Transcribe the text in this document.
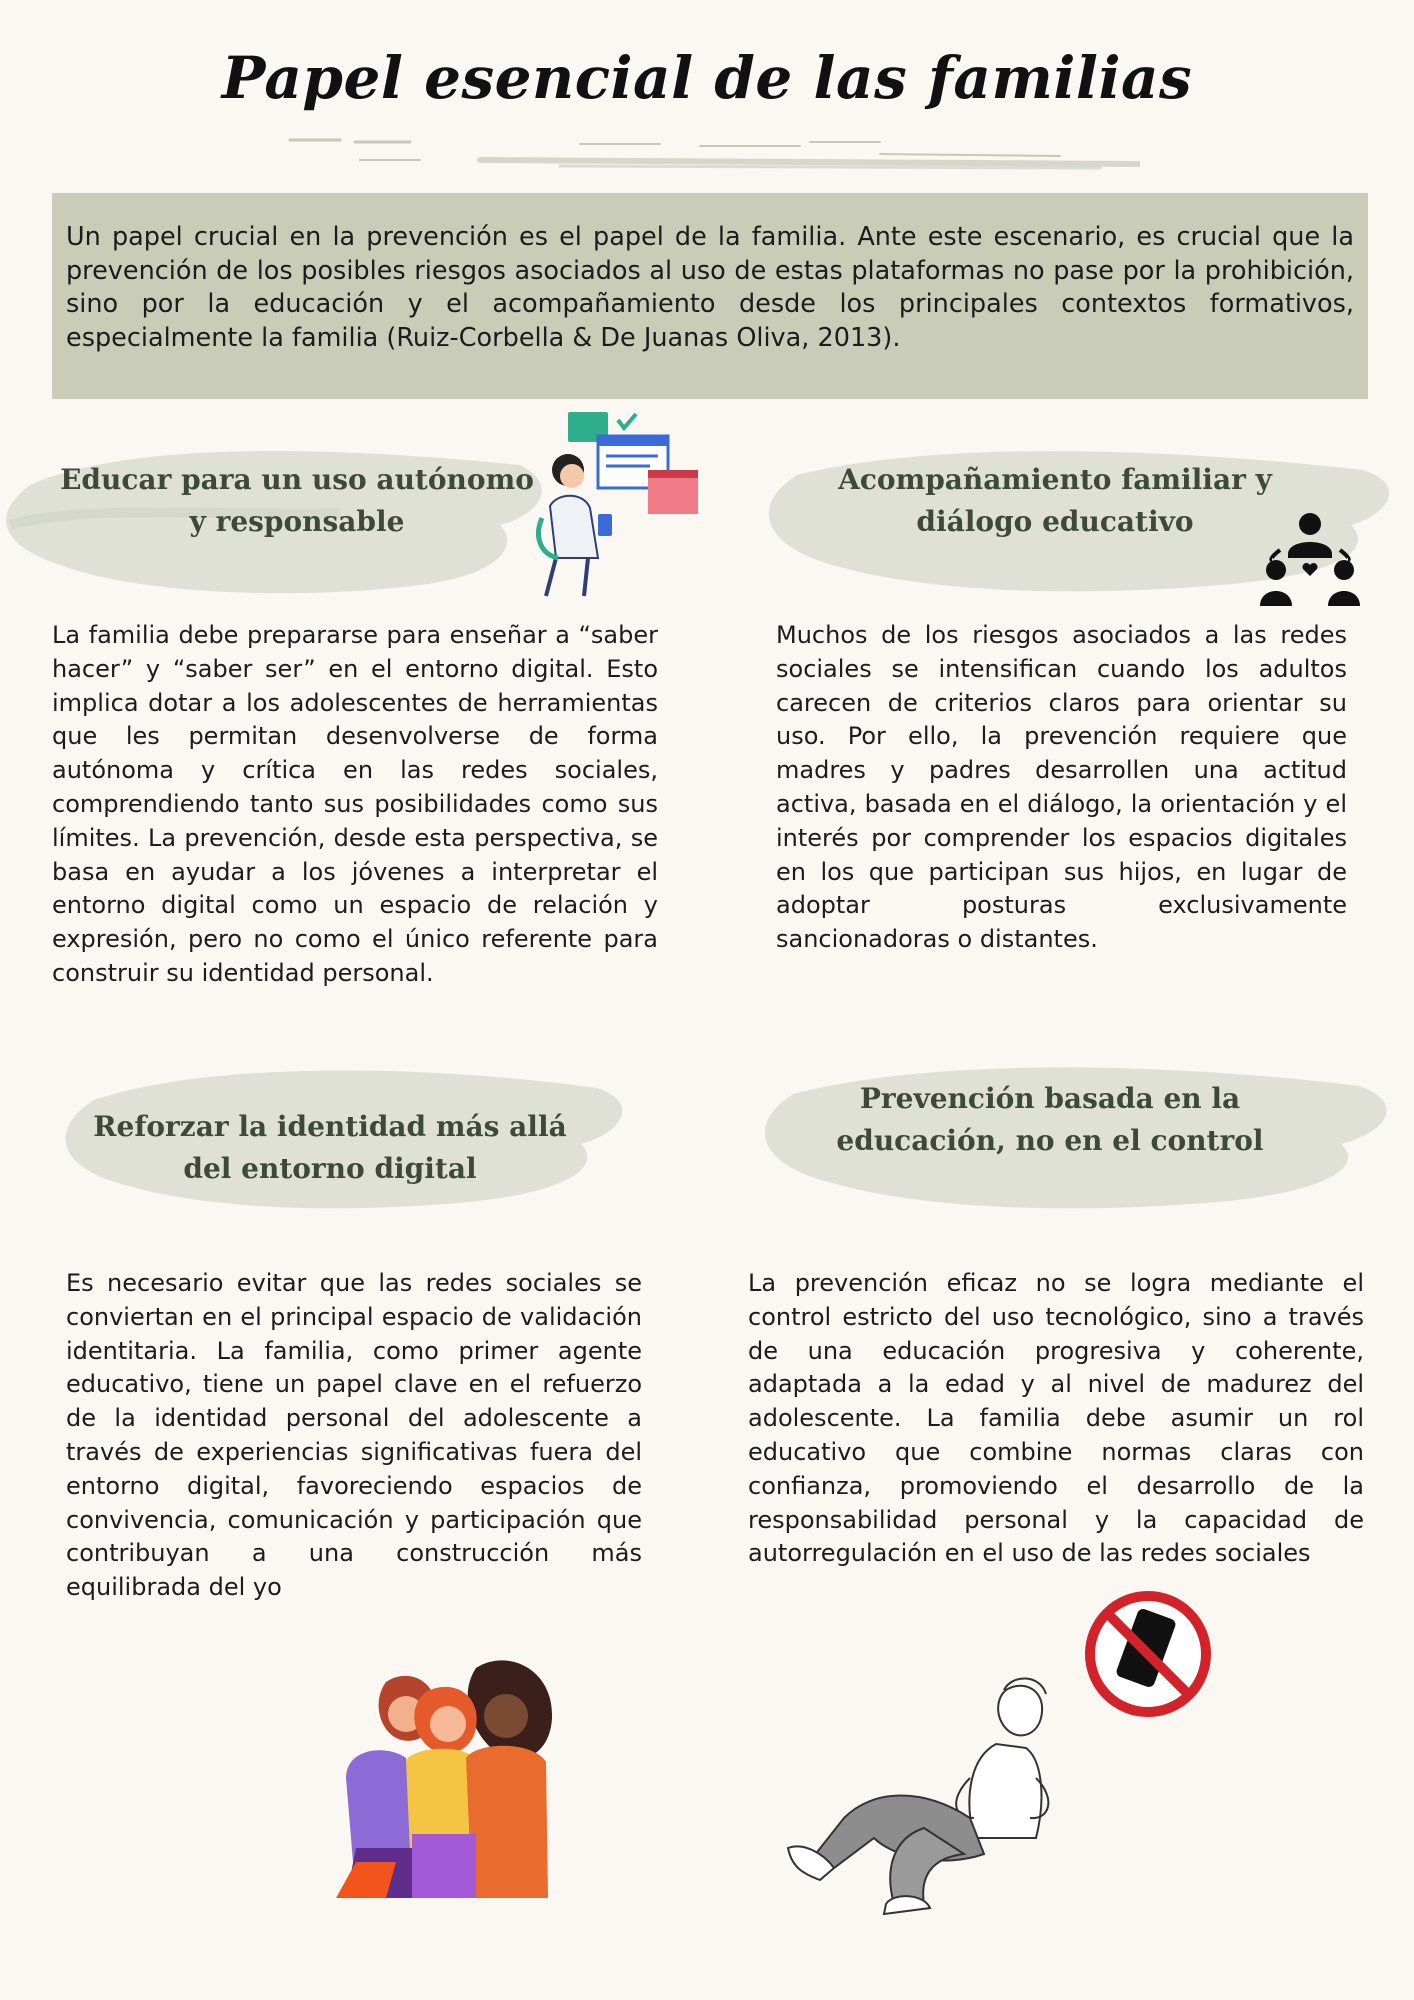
Papel esencial de las familias

Un papel crucial en la prevención es el papel de la familia. Ante este escenario, es crucial que la prevención de los posibles riesgos asociados al uso de estas plataformas no pase por la prohibición, sino por la educación y el acompañamiento desde los principales contextos formativos, especialmente la familia (Ruiz-Corbella & De Juanas Oliva, 2013).

Educar para un uso autónomo y responsable

La familia debe prepararse para enseñar a “saber hacer” y “saber ser” en el entorno digital. Esto implica dotar a los adolescentes de herramientas que les permitan desenvolverse de forma autónoma y crítica en las redes sociales, comprendiendo tanto sus posibilidades como sus límites. La prevención, desde esta perspectiva, se basa en ayudar a los jóvenes a interpretar el entorno digital como un espacio de relación y expresión, pero no como el único referente para construir su identidad personal.

Acompañamiento familiar y diálogo educativo

Muchos de los riesgos asociados a las redes sociales se intensifican cuando los adultos carecen de criterios claros para orientar su uso. Por ello, la prevención requiere que madres y padres desarrollen una actitud activa, basada en el diálogo, la orientación y el interés por comprender los espacios digitales en los que participan sus hijos, en lugar de adoptar posturas exclusivamente sancionadoras o distantes.

Reforzar la identidad más allá del entorno digital

Es necesario evitar que las redes sociales se conviertan en el principal espacio de validación identitaria. La familia, como primer agente educativo, tiene un papel clave en el refuerzo de la identidad personal del adolescente a través de experiencias significativas fuera del entorno digital, favoreciendo espacios de convivencia, comunicación y participación que contribuyan a una construcción más equilibrada del yo

Prevención basada en la educación, no en el control

La prevención eficaz no se logra mediante el control estricto del uso tecnológico, sino a través de una educación progresiva y coherente, adaptada a la edad y al nivel de madurez del adolescente. La familia debe asumir un rol educativo que combine normas claras con confianza, promoviendo el desarrollo de la responsabilidad personal y la capacidad de autorregulación en el uso de las redes sociales
